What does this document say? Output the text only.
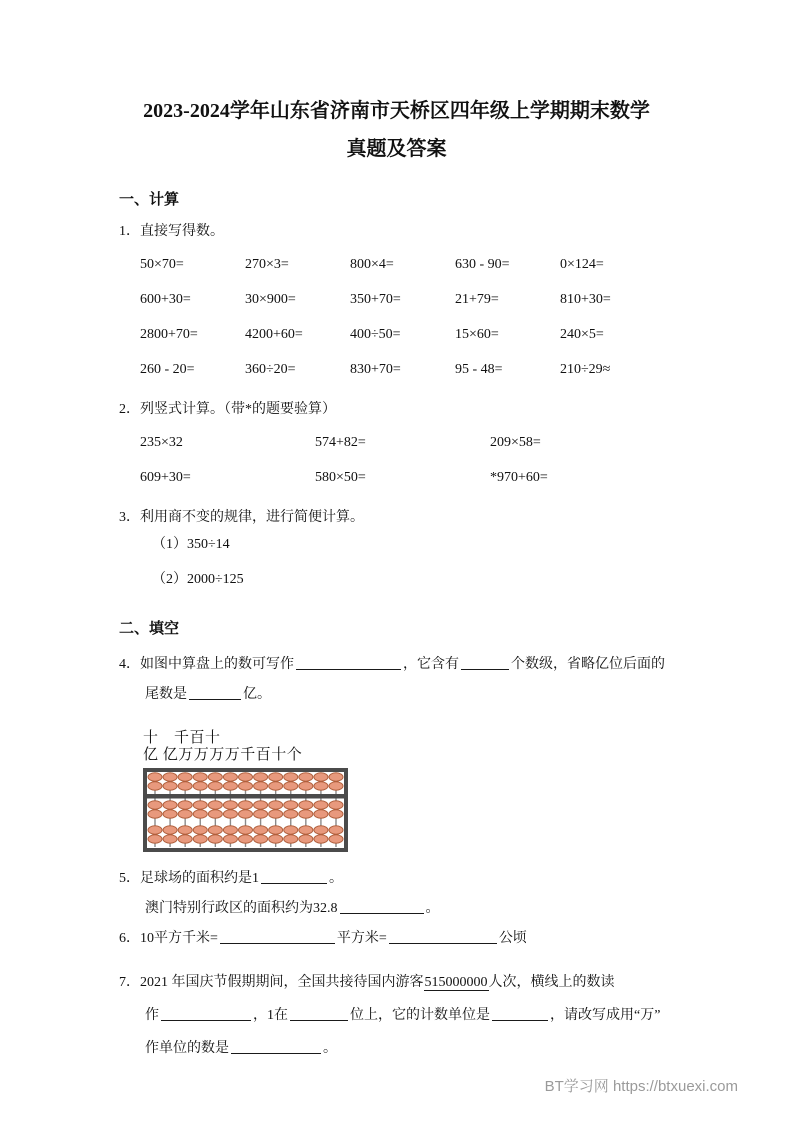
2023-2024学年山东省济南市天桥区四年级上学期期末数学
真题及答案
一、计算
1．直接写得数。
50×70=	270×3=	800×4=	630 - 90=	0×124=
600+30=	30×900=	350+70=	21+79=	810+30=
2800+70=	4200+60=	400÷50=	15×60=	240×5=
260 - 20=	360÷20=	830+70=	95 - 48=	210÷29≈
2．列竖式计算。（带*的题要验算）
235×32	574+82=	209×58=
609+30=	580×50=	*970+60=
3．利用商不变的规律，进行简便计算。
（1）350÷14
（2）2000÷125
二、填空
4．如图中算盘上的数可写作	，它含有	个数级，省略亿位后面的
尾数是	亿。
十　千百十
亿 亿万万万万千百十个
5．足球场的面积约是1	。
澳门特别行政区的面积约为32.8	。
6．10平方千米=	平方米=	公顷
7．2021 年国庆节假期期间，全国共接待国内游客515000000人次，横线上的数读
作	，1在	位上，它的计数单位是	，请改写成用“万”
作单位的数是	。
BT学习网 https://btxuexi.com
